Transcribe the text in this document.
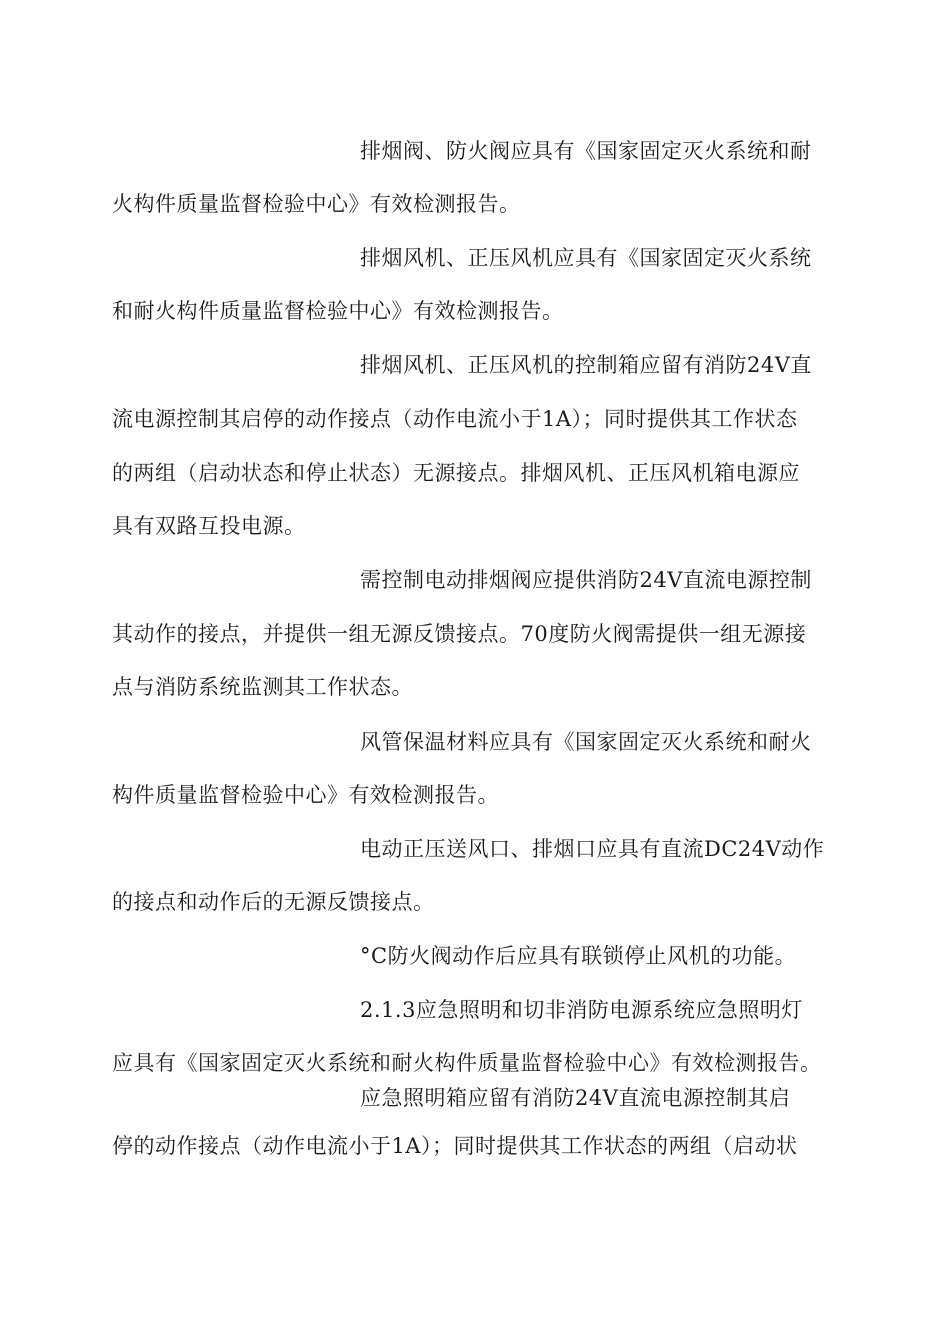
排烟阀、防火阀应具有《国家固定灭火系统和耐
火构件质量监督检验中心》有效检测报告。
排烟风机、正压风机应具有《国家固定灭火系统
和耐火构件质量监督检验中心》有效检测报告。
排烟风机、正压风机的控制箱应留有消防24V直
流电源控制其启停的动作接点（动作电流小于1A）；同时提供其工作状态
的两组（启动状态和停止状态）无源接点。排烟风机、正压风机箱电源应
具有双路互投电源。
需控制电动排烟阀应提供消防24V直流电源控制
其动作的接点，并提供一组无源反馈接点。70度防火阀需提供一组无源接
点与消防系统监测其工作状态。
风管保温材料应具有《国家固定灭火系统和耐火
构件质量监督检验中心》有效检测报告。
电动正压送风口、排烟口应具有直流DC24V动作
的接点和动作后的无源反馈接点。
°C防火阀动作后应具有联锁停止风机的功能。
2.1.3应急照明和切非消防电源系统应急照明灯
应具有《国家固定灭火系统和耐火构件质量监督检验中心》有效检测报告。
应急照明箱应留有消防24V直流电源控制其启
停的动作接点（动作电流小于1A）；同时提供其工作状态的两组（启动状
